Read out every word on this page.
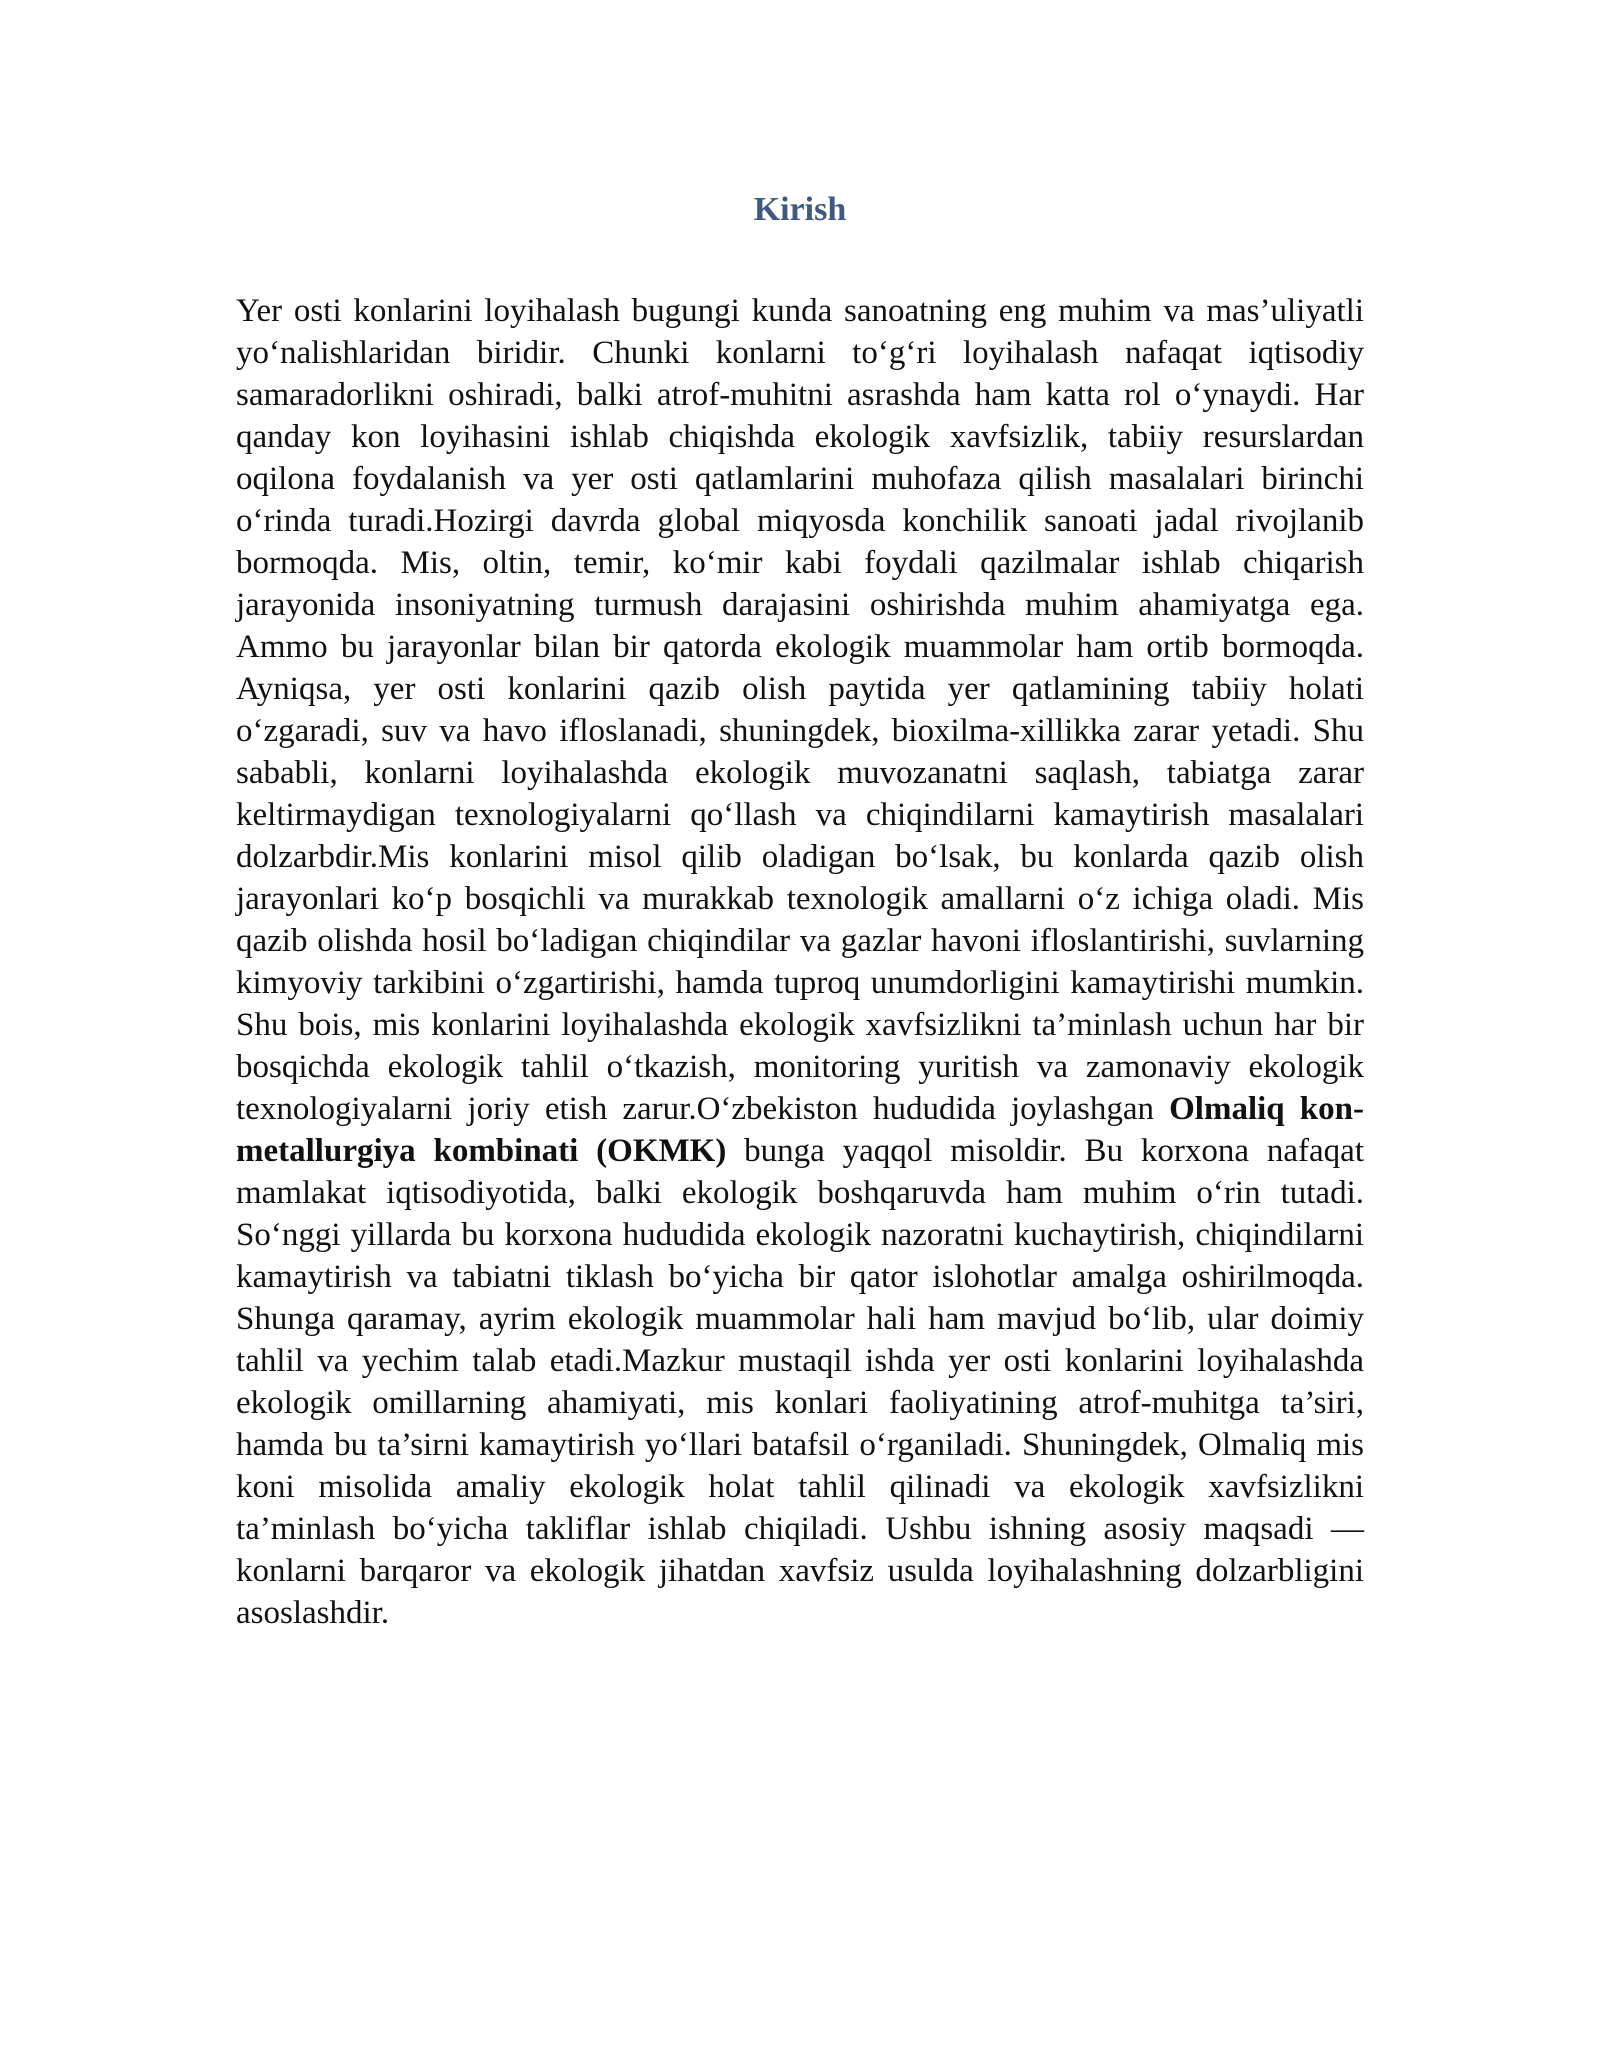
Kirish

Yer osti konlarini loyihalash bugungi kunda sanoatning eng muhim va mas’uliyatli yo‘nalishlaridan biridir. Chunki konlarni to‘g‘ri loyihalash nafaqat iqtisodiy samaradorlikni oshiradi, balki atrof-muhitni asrashda ham katta rol o‘ynaydi. Har qanday kon loyihasini ishlab chiqishda ekologik xavfsizlik, tabiiy resurslardan oqilona foydalanish va yer osti qatlamlarini muhofaza qilish masalalari birinchi o‘rinda turadi.Hozirgi davrda global miqyosda konchilik sanoati jadal rivojlanib bormoqda. Mis, oltin, temir, ko‘mir kabi foydali qazilmalar ishlab chiqarish jarayonida insoniyatning turmush darajasini oshirishda muhim ahamiyatga ega. Ammo bu jarayonlar bilan bir qatorda ekologik muammolar ham ortib bormoqda. Ayniqsa, yer osti konlarini qazib olish paytida yer qatlamining tabiiy holati o‘zgaradi, suv va havo ifloslanadi, shuningdek, bioxilma-xillikka zarar yetadi. Shu sababli, konlarni loyihalashda ekologik muvozanatni saqlash, tabiatga zarar keltirmaydigan texnologiyalarni qo‘llash va chiqindilarni kamaytirish masalalari dolzarbdir.Mis konlarini misol qilib oladigan bo‘lsak, bu konlarda qazib olish jarayonlari ko‘p bosqichli va murakkab texnologik amallarni o‘z ichiga oladi. Mis qazib olishda hosil bo‘ladigan chiqindilar va gazlar havoni ifloslantirishi, suvlarning kimyoviy tarkibini o‘zgartirishi, hamda tuproq unumdorligini kamaytirishi mumkin. Shu bois, mis konlarini loyihalashda ekologik xavfsizlikni ta’minlash uchun har bir bosqichda ekologik tahlil o‘tkazish, monitoring yuritish va zamonaviy ekologik texnologiyalarni joriy etish zarur.O‘zbekiston hududida joylashgan Olmaliq kon-metallurgiya kombinati (OKMK) bunga yaqqol misoldir. Bu korxona nafaqat mamlakat iqtisodiyotida, balki ekologik boshqaruvda ham muhim o‘rin tutadi. So‘nggi yillarda bu korxona hududida ekologik nazoratni kuchaytirish, chiqindilarni kamaytirish va tabiatni tiklash bo‘yicha bir qator islohotlar amalga oshirilmoqda. Shunga qaramay, ayrim ekologik muammolar hali ham mavjud bo‘lib, ular doimiy tahlil va yechim talab etadi.Mazkur mustaqil ishda yer osti konlarini loyihalashda ekologik omillarning ahamiyati, mis konlari faoliyatining atrof-muhitga ta’siri, hamda bu ta’sirni kamaytirish yo‘llari batafsil o‘rganiladi. Shuningdek, Olmaliq mis koni misolida amaliy ekologik holat tahlil qilinadi va ekologik xavfsizlikni ta’minlash bo‘yicha takliflar ishlab chiqiladi. Ushbu ishning asosiy maqsadi — konlarni barqaror va ekologik jihatdan xavfsiz usulda loyihalashning dolzarbligini asoslashdir.
